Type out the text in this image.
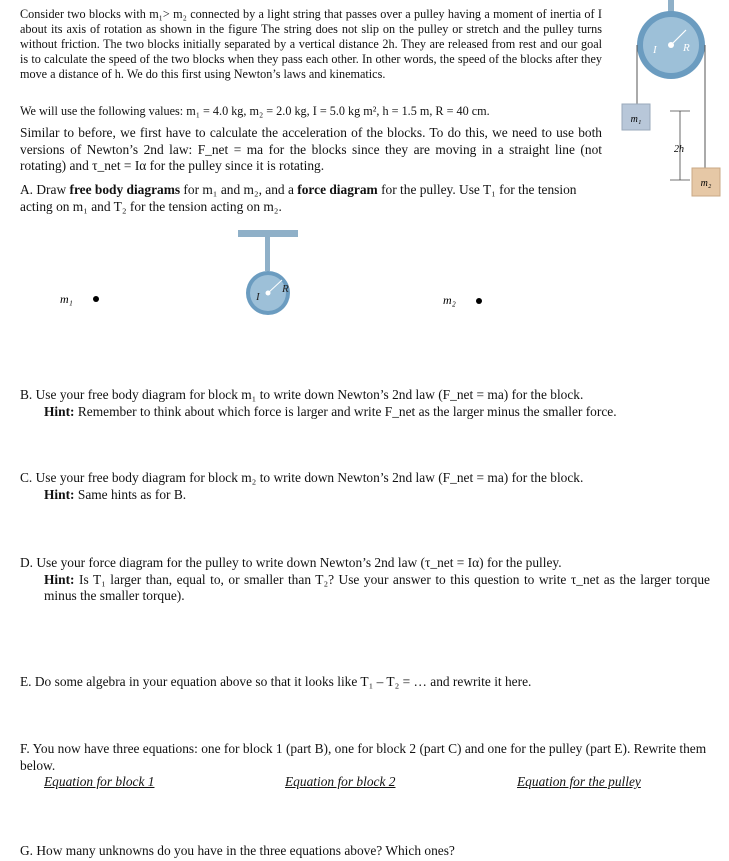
Consider two blocks with m₁> m₂ connected by a light string that passes over a pulley having a moment of inertia of I about its axis of rotation as shown in the figure The string does not slip on the pulley or stretch and the pulley turns without friction. The two blocks initially separated by a vertical distance 2h. They are released from rest and our goal is to calculate the speed of the two blocks when they pass each other. In other words, the speed of the blocks after they move a distance of h. We do this first using Newton’s laws and kinematics.
We will use the following values: m₁ = 4.0 kg, m₂ = 2.0 kg, I = 5.0 kg m², h = 1.5 m, R = 40 cm.
Similar to before, we first have to calculate the acceleration of the blocks. To do this, we need to use both versions of Newton’s 2nd law: F_net = ma for the blocks since they are moving in a straight line (not rotating) and τ_net = Iα for the pulley since it is rotating.
A. Draw free body diagrams for m₁ and m₂, and a force diagram for the pulley. Use T₁ for the tension acting on m₁ and T₂ for the tension acting on m₂.
I R
m₁
m₂
2h
I
R
m₁	m₂
B. Use your free body diagram for block m₁ to write down Newton’s 2nd law (F_net = ma) for the block.
Hint: Remember to think about which force is larger and write F_net as the larger minus the smaller force.
C. Use your free body diagram for block m₂ to write down Newton’s 2nd law (F_net = ma) for the block.
Hint: Same hints as for B.
D. Use your force diagram for the pulley to write down Newton’s 2nd law (τ_net = Iα) for the pulley.
Hint: Is T₁ larger than, equal to, or smaller than T₂? Use your answer to this question to write τ_net as the larger torque minus the smaller torque).
E. Do some algebra in your equation above so that it looks like T₁ – T₂ = … and rewrite it here.
F. You now have three equations: one for block 1 (part B), one for block 2 (part C) and one for the pulley (part E). Rewrite them below.
Equation for block 1	Equation for block 2	Equation for the pulley
G. How many unknowns do you have in the three equations above? Which ones?
